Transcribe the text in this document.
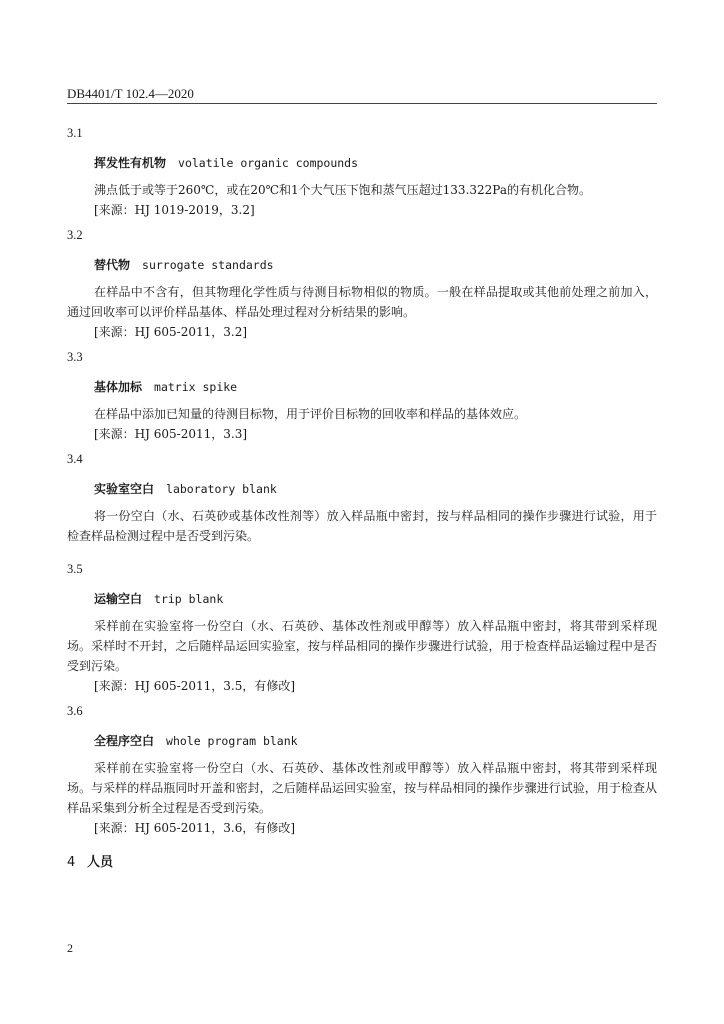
DB4401/T 102.4—2020
3.1
挥发性有机物 volatile organic compounds

沸点低于或等于260℃，或在20℃和1个大气压下饱和蒸气压超过133.322Pa的有机化合物。

[来源：HJ 1019-2019，3.2]

3.2
替代物 surrogate standards

在样品中不含有，但其物理化学性质与待测目标物相似的物质。一般在样品提取或其他前处理之前加入，通过回收率可以评价样品基体、样品处理过程对分析结果的影响。

[来源：HJ 605-2011，3.2]

3.3
基体加标 matrix spike

在样品中添加已知量的待测目标物，用于评价目标物的回收率和样品的基体效应。

[来源：HJ 605-2011，3.3]

3.4
实验室空白 laboratory blank

将一份空白（水、石英砂或基体改性剂等）放入样品瓶中密封，按与样品相同的操作步骤进行试验，用于检查样品检测过程中是否受到污染。

3.5
运输空白 trip blank

采样前在实验室将一份空白（水、石英砂、基体改性剂或甲醇等）放入样品瓶中密封，将其带到采样现场。采样时不开封，之后随样品运回实验室，按与样品相同的操作步骤进行试验，用于检查样品运输过程中是否受到污染。

[来源：HJ 605-2011，3.5，有修改]

3.6
全程序空白 whole program blank

采样前在实验室将一份空白（水、石英砂、基体改性剂或甲醇等）放入样品瓶中密封，将其带到采样现场。与采样的样品瓶同时开盖和密封，之后随样品运回实验室，按与样品相同的操作步骤进行试验，用于检查从样品采集到分析全过程是否受到污染。

[来源：HJ 605-2011，3.6，有修改]

4 人员
2
